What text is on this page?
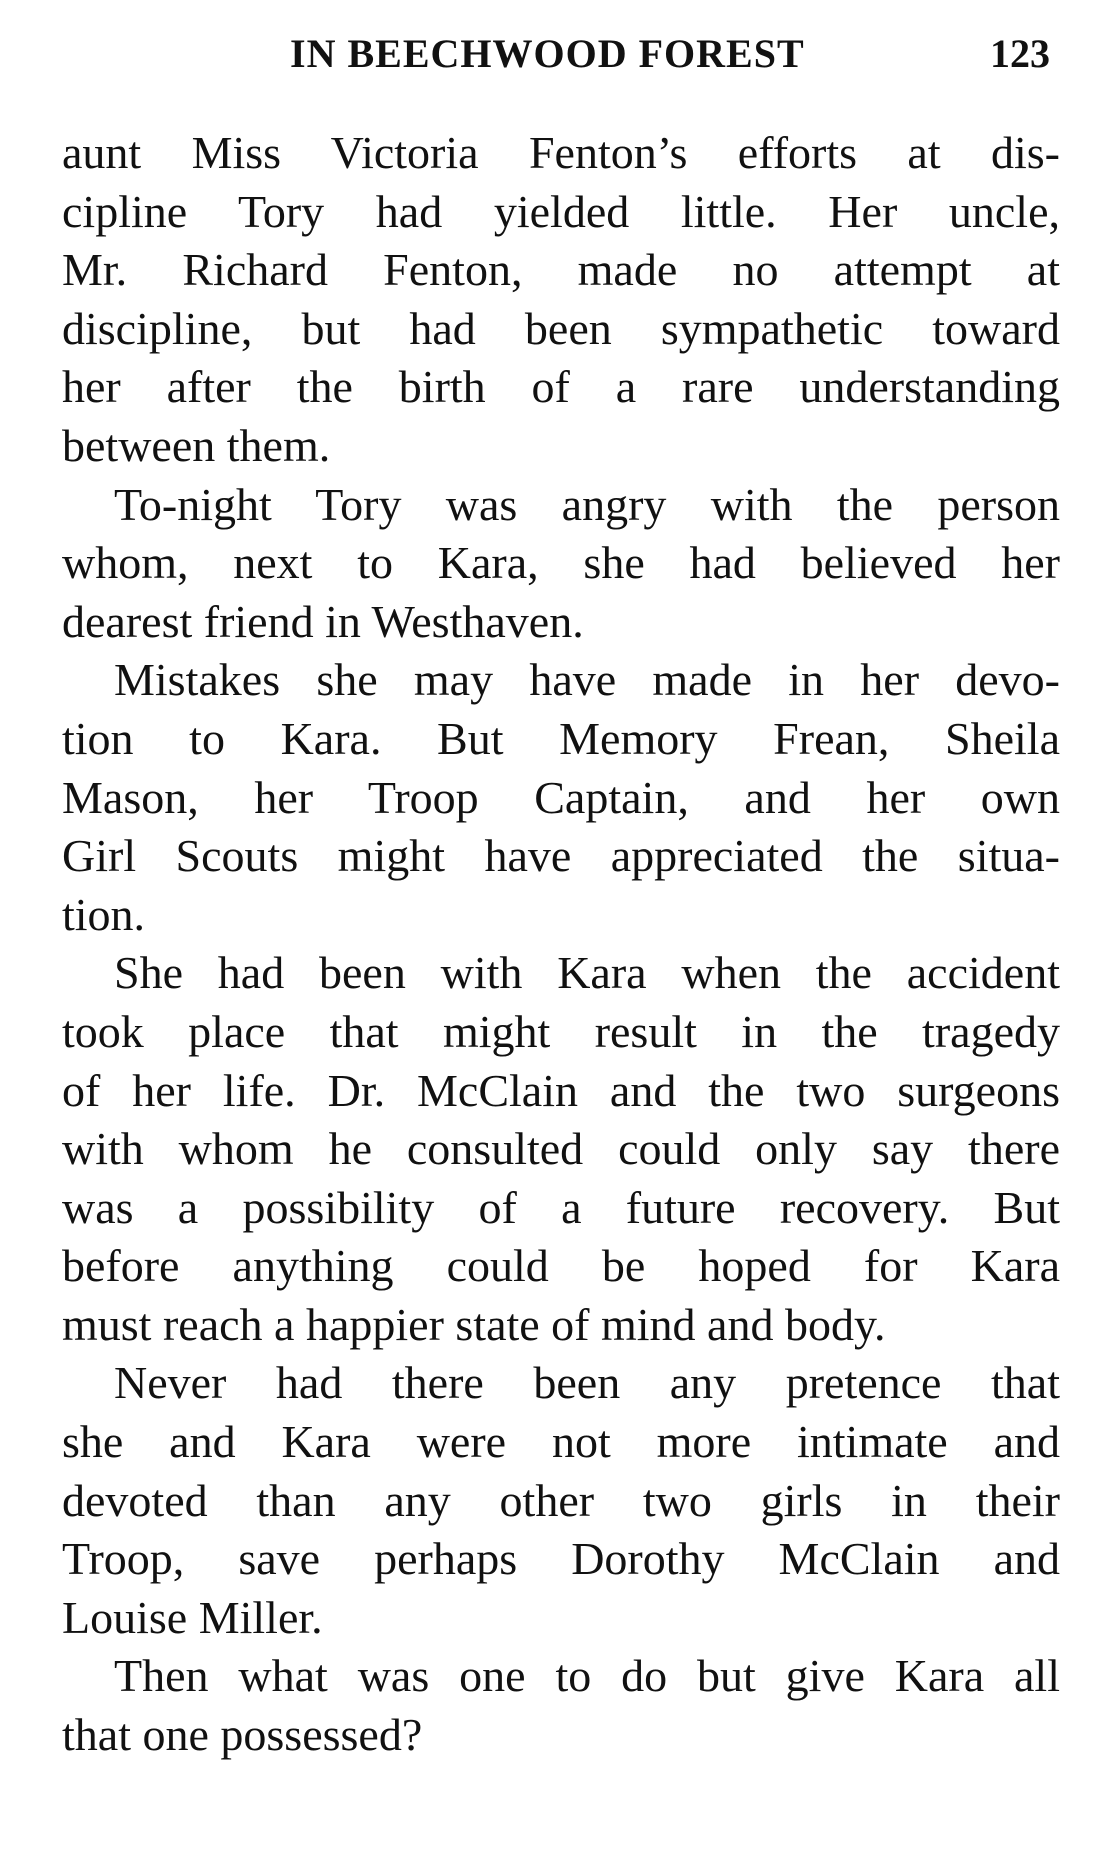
IN BEECHWOOD FOREST	123
aunt Miss Victoria Fenton’s efforts at dis-
cipline Tory had yielded little. Her uncle,
Mr. Richard Fenton, made no attempt at
discipline, but had been sympathetic toward
her after the birth of a rare understanding
between them.
To-night Tory was angry with the person
whom, next to Kara, she had believed her
dearest friend in Westhaven.
Mistakes she may have made in her devo-
tion to Kara. But Memory Frean, Sheila
Mason, her Troop Captain, and her own
Girl Scouts might have appreciated the situa-
tion.
She had been with Kara when the accident
took place that might result in the tragedy
of her life. Dr. McClain and the two surgeons
with whom he consulted could only say there
was a possibility of a future recovery. But
before anything could be hoped for Kara
must reach a happier state of mind and body.
Never had there been any pretence that
she and Kara were not more intimate and
devoted than any other two girls in their
Troop, save perhaps Dorothy McClain and
Louise Miller.
Then what was one to do but give Kara all
that one possessed?
